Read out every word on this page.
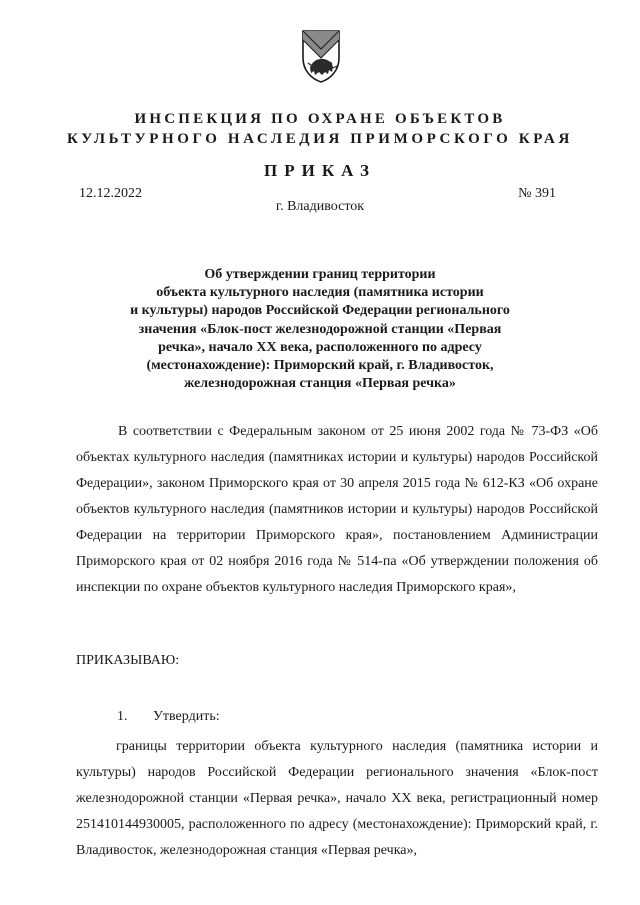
ИНСПЕКЦИЯ ПО ОХРАНЕ ОБЪЕКТОВ
КУЛЬТУРНОГО НАСЛЕДИЯ ПРИМОРСКОГО КРАЯ
ПРИКАЗ
12.12.2022	№ 391
г. Владивосток
Об утверждении границ территории
объекта культурного наследия (памятника истории
и культуры) народов Российской Федерации регионального
значения «Блок-пост железнодорожной станции «Первая
речка», начало XX века, расположенного по адресу
(местонахождение): Приморский край, г. Владивосток,
железнодорожная станция «Первая речка»
В соответствии с Федеральным законом от 25 июня 2002 года № 73-ФЗ «Об объектах культурного наследия (памятниках истории и культуры) народов Российской Федерации», законом Приморского края от 30 апреля 2015 года № 612-КЗ «Об охране объектов культурного наследия (памятников истории и культуры) народов Российской Федерации на территории Приморского края», постановлением Администрации Приморского края от 02 ноября 2016 года № 514-па «Об утверждении положения об инспекции по охране объектов культурного наследия Приморского края»,
ПРИКАЗЫВАЮ:
1. Утвердить:
границы территории объекта культурного наследия (памятника истории и культуры) народов Российской Федерации регионального значения «Блок-пост железнодорожной станции «Первая речка», начало XX века, регистрационный номер 251410144930005, расположенного по адресу (местонахождение): Приморский край, г. Владивосток, железнодорожная станция «Первая речка»,
